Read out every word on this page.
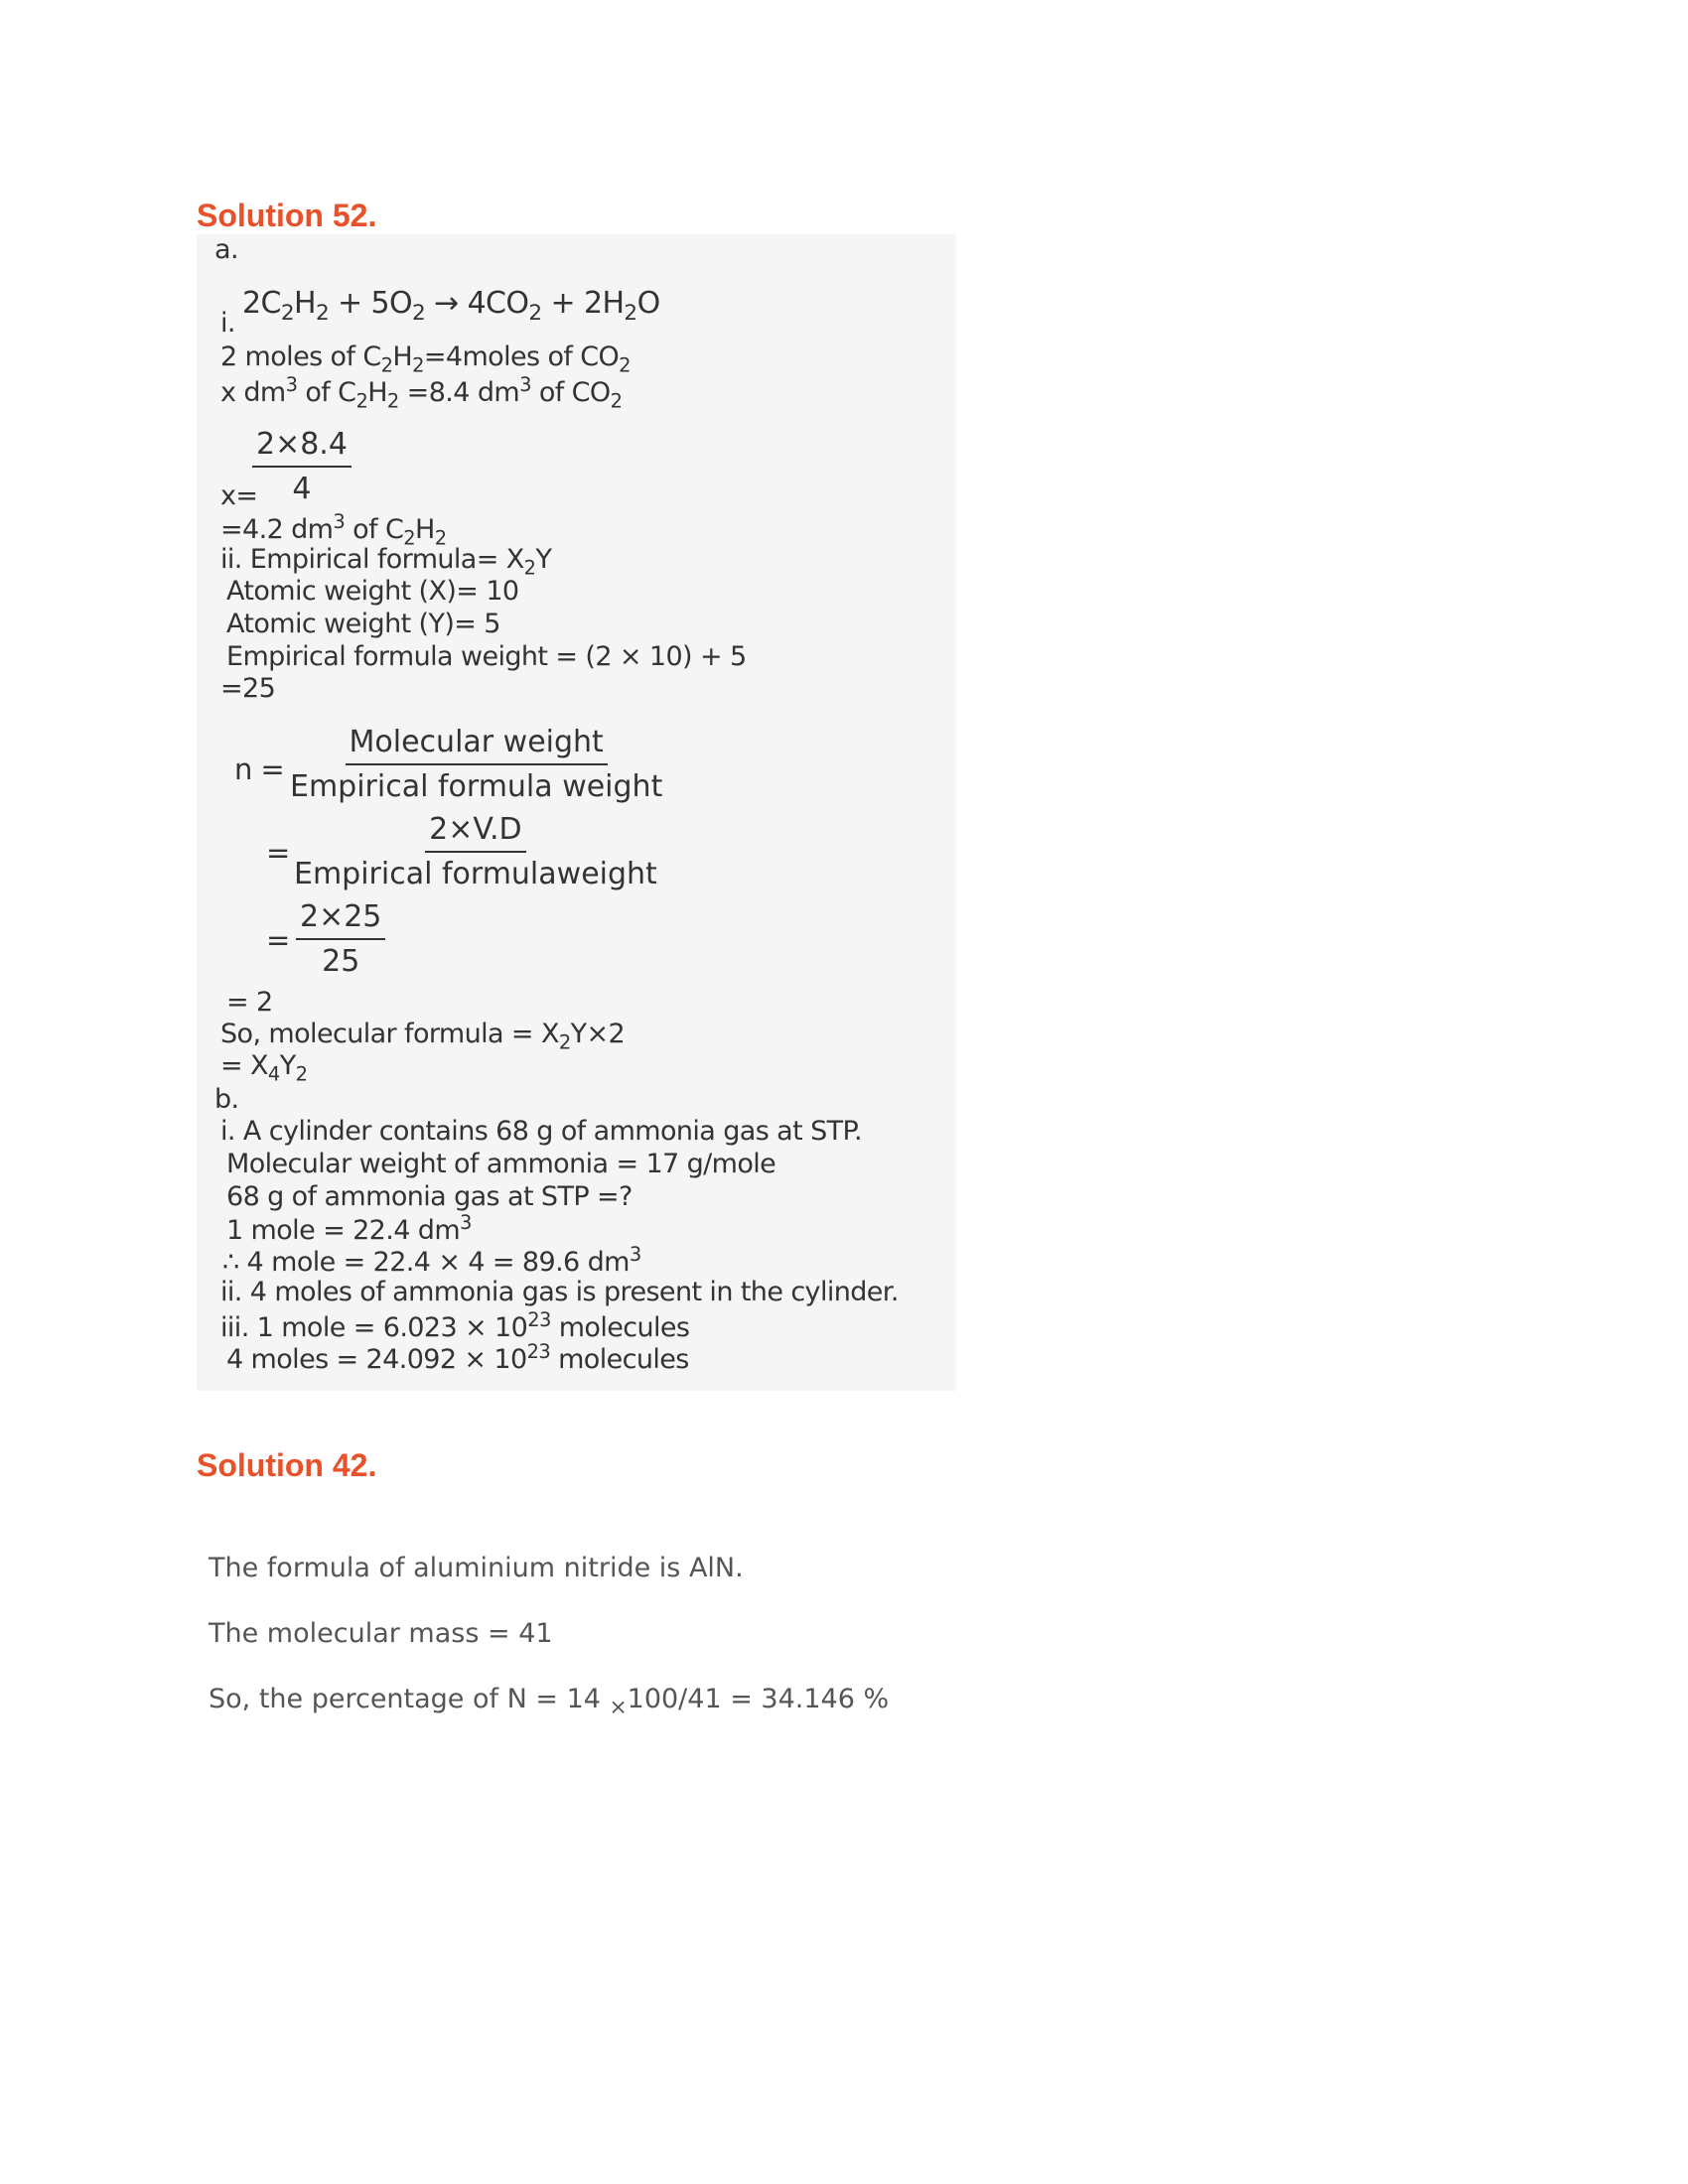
Solution 52.
a.
i.
$2C_2H_2 + 5O_2 \to 4CO_2 + 2H_2O$
2 moles of $C_2H_2=4moles$ of $CO_2$
x $dm^3$ of $C_2H_2 =8.4$ $dm^3$ of $CO_2$
$\frac{2\times 8.4}{4}$
x=
=4.2 $dm^3$ of $C_2H_2$
ii. Empirical formula= $X_2Y$
Atomic weight (X)= 10
Atomic weight (Y)= 5
Empirical formula weight = (2 × 10) + 5
=25
n =
Molecular weight
Empirical formula weight
=
2×V.D
Empirical formulaweight
= $\frac{2\times 25}{25}$
= 2
So, molecular formula = $X_2Y\times 2$
= $X_4Y_2$
b.
i. A cylinder contains 68 g of ammonia gas at STP.
Molecular weight of ammonia = 17 g/mole
68 g of ammonia gas at STP =?
1 mole = 22.4 $dm^3$
∴ 4 mole = 22.4 × 4 = 89.6 $dm^3$
ii. 4 moles of ammonia gas is present in the cylinder.
iii. 1 mole = $6.023 \times 10^{23}$ molecules
4 moles = $24.092 \times 10^{23}$ molecules
Solution 42.
The formula of aluminium nitride is AlN.
The molecular mass = 41
So, the percentage of N = 14 $_\times$100/41 = 34.146 %
